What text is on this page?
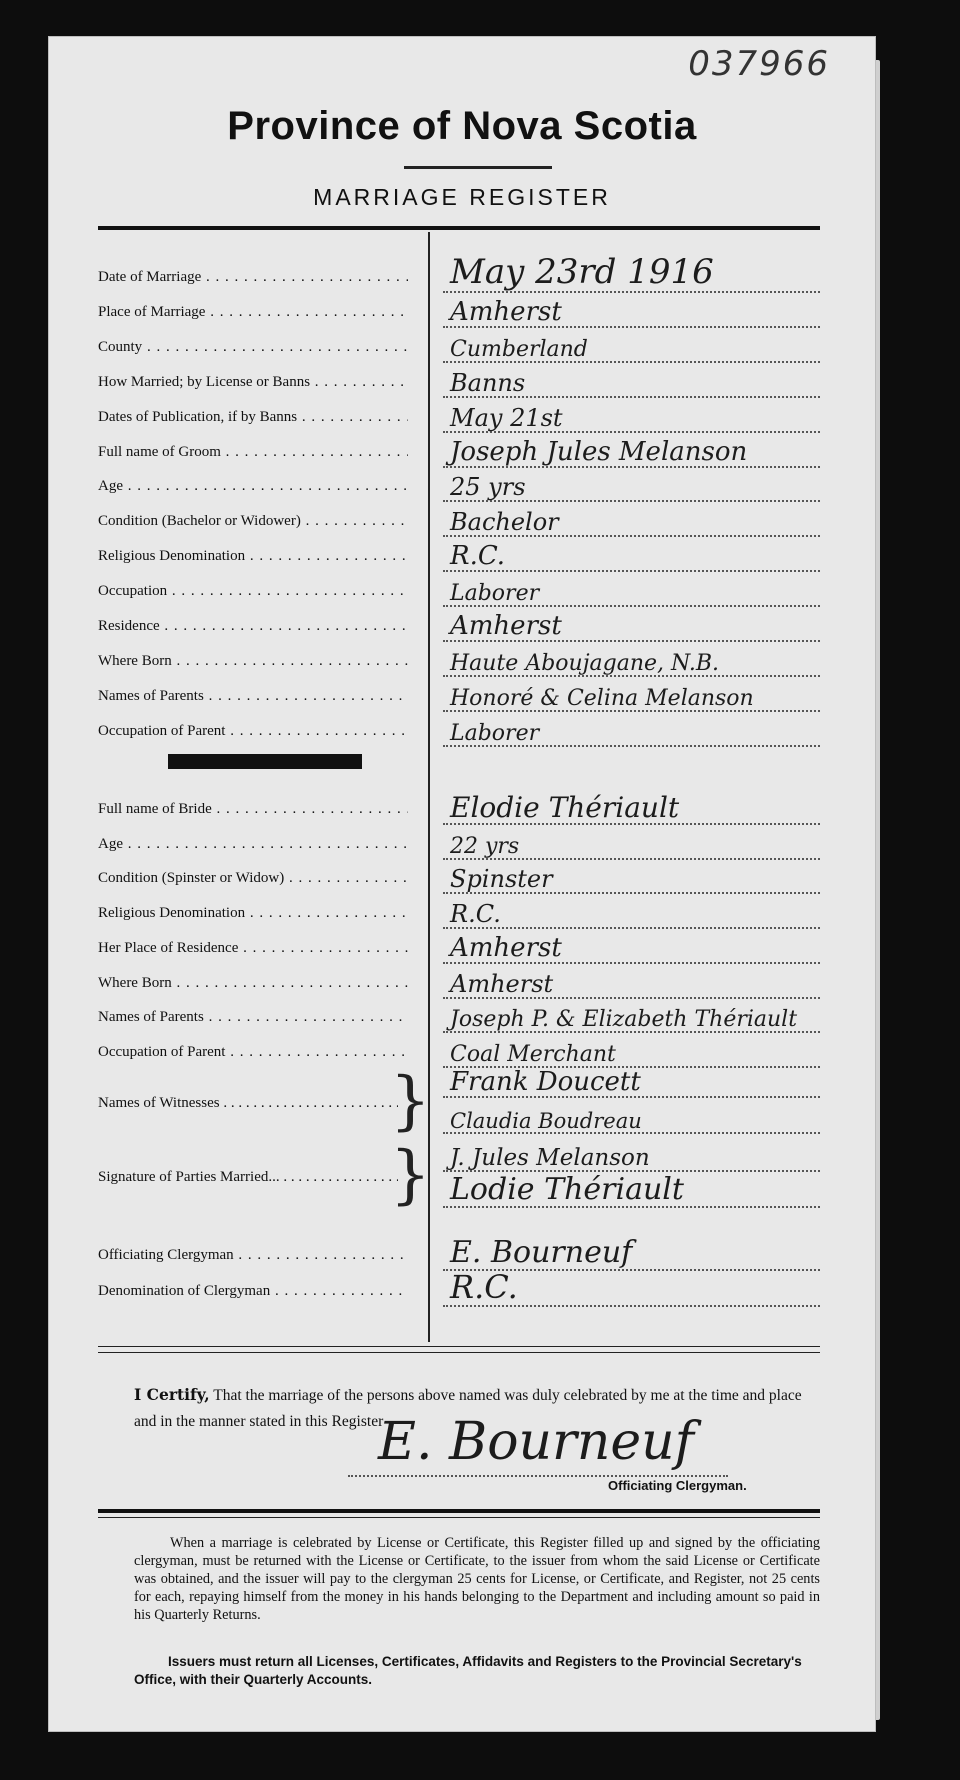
037966
Province of Nova Scotia
MARRIAGE REGISTER
Date of Marriage . . .	May 23rd 1916
Place of Marriage . . .	Amherst
County . . .	Cumberland
How Married; by License or Banns . . .	Banns
Dates of Publication, if by Banns . . .	May 21st
Full name of Groom . . .	Joseph Jules Melanson
Age . . .	25 yrs
Condition (Bachelor or Widower) . . .	Bachelor
Religious Denomination . . .	R.C.
Occupation . . .	Laborer
Residence . . .	Amherst
Where Born . . .	Haute Aboujagane, N.B.
Names of Parents . . .	Honoré & Celina Melanson
Occupation of Parent . . .	Laborer
Full name of Bride . . .	Elodie Thériault
Age . . .	22 yrs
Condition (Spinster or Widow) . . .	Spinster
Religious Denomination . . .	R.C.
Her Place of Residence . . .	Amherst
Where Born . . .	Amherst
Names of Parents . . .	Joseph P. & Elizabeth Thériault
Occupation of Parent . . .	Coal Merchant
Names of Witnesses . . .	} Frank Doucett
Claudia Boudreau
Signature of Parties Married... . . .	} J. Jules Melanson
Lodie Thériault
Officiating Clergyman . . .	E. Bourneuf
Denomination of Clergyman . . .	R.C.
I Certify, That the marriage of the persons above named was duly celebrated by me at the time and place and in the manner stated in this Register
E. Bourneuf
Officiating Clergyman.
When a marriage is celebrated by License or Certificate, this Register filled up and signed by the officiating clergyman, must be returned with the License or Certificate, to the issuer from whom the said License or Certificate was obtained, and the issuer will pay to the clergyman 25 cents for License, or Certificate, and Register, not 25 cents for each, repaying himself from the money in his hands belonging to the Department and including amount so paid in his Quarterly Returns.
Issuers must return all Licenses, Certificates, Affidavits and Registers to the Provincial Secretary's Office, with their Quarterly Accounts.
